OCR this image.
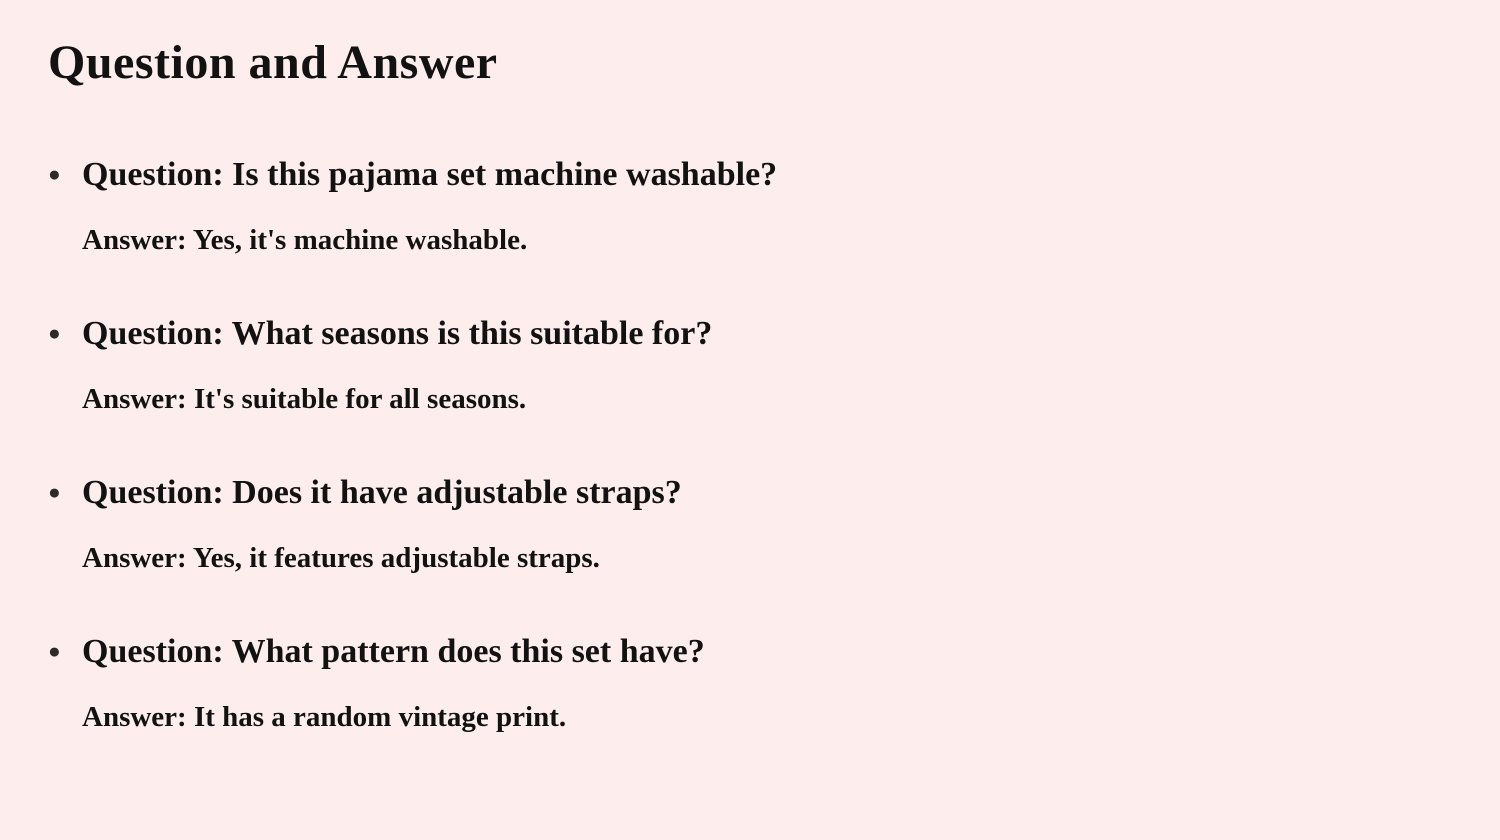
Question and Answer
● Question: Is this pajama set machine washable?
Answer: Yes, it's machine washable.
● Question: What seasons is this suitable for?
Answer: It's suitable for all seasons.
● Question: Does it have adjustable straps?
Answer: Yes, it features adjustable straps.
● Question: What pattern does this set have?
Answer: It has a random vintage print.
